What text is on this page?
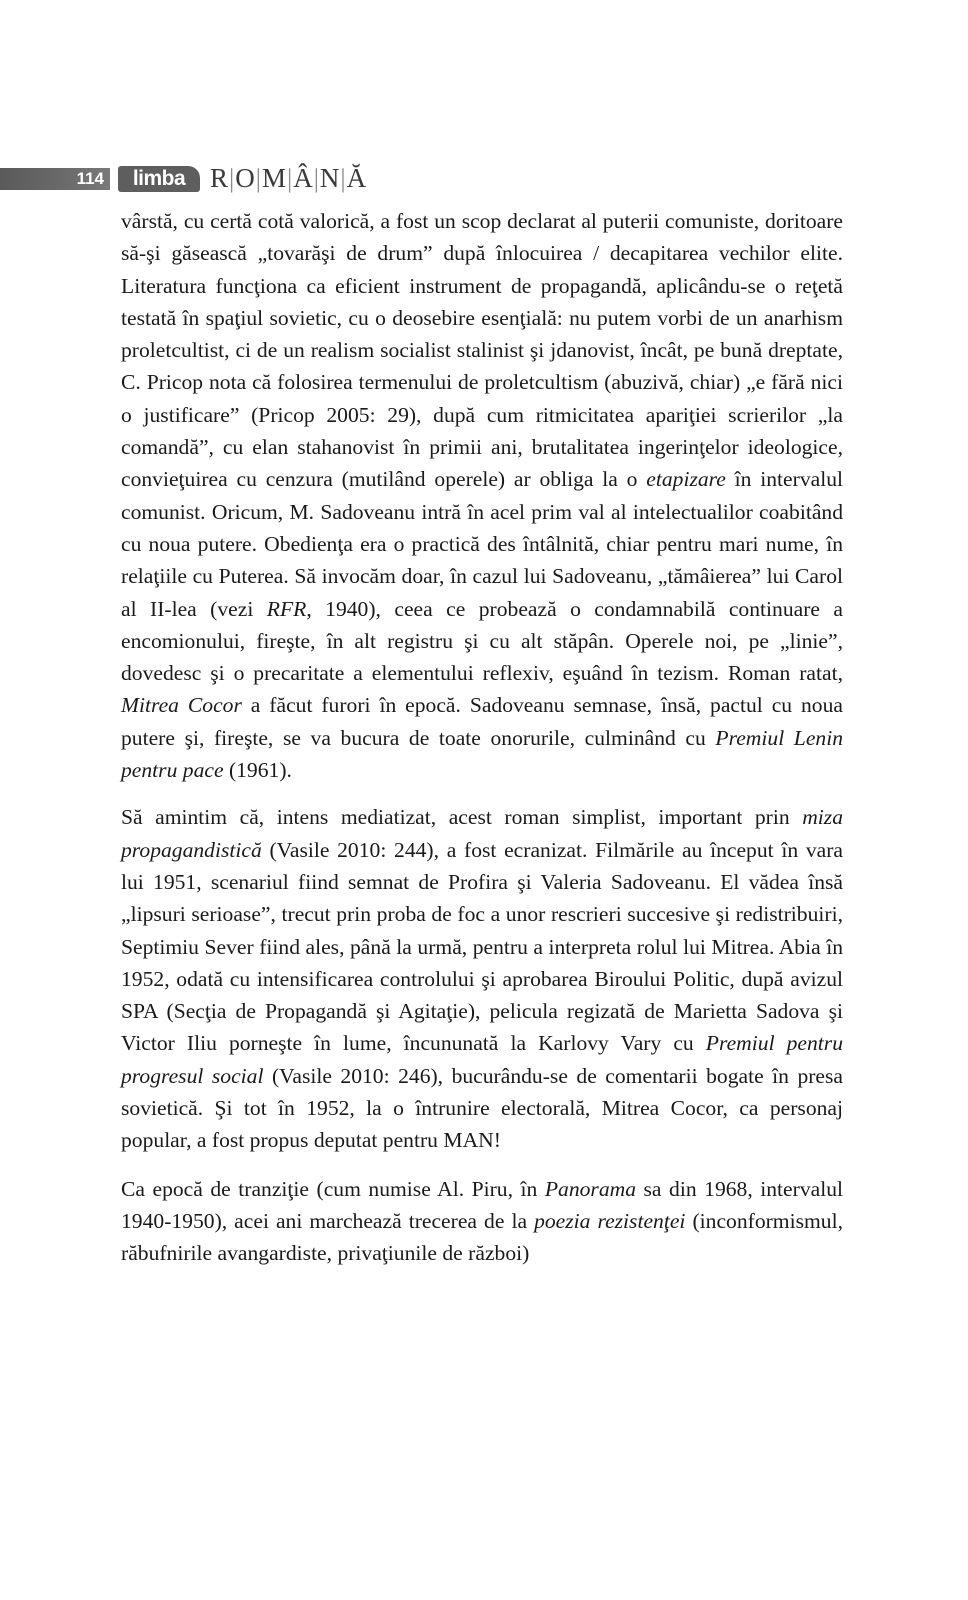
114	limba R|O|M|Â|N|Ă

vârstă, cu certă cotă valorică, a fost un scop declarat al puterii comuniste, doritoare să-şi găsească „tovarăşi de drum” după înlocuirea / decapitarea vechilor elite. Literatura funcţiona ca eficient instrument de propagandă, aplicându-se o reţetă testată în spaţiul sovietic, cu o deosebire esenţială: nu putem vorbi de un anarhism proletcultist, ci de un realism socialist stalinist şi jdanovist, încât, pe bună dreptate, C. Pricop nota că folosirea termenului de proletcultism (abuzivă, chiar) „e fără nici o justificare” (Pricop 2005: 29), după cum ritmicitatea apariţiei scrierilor „la comandă”, cu elan stahanovist în primii ani, brutalitatea ingerinţelor ideologice, convieţuirea cu cenzura (mutilând operele) ar obliga la o etapizare în intervalul comunist. Oricum, M. Sadoveanu intră în acel prim val al intelectualilor coabitând cu noua putere. Obedienţa era o practică des întâlnită, chiar pentru mari nume, în relaţiile cu Puterea. Să invocăm doar, în cazul lui Sadoveanu, „tămâierea” lui Carol al II-lea (vezi RFR, 1940), ceea ce probează o condamnabilă continuare a encomionului, fireşte, în alt registru şi cu alt stăpân. Operele noi, pe „linie”, dovedesc şi o precaritate a elementului reflexiv, eşuând în tezism. Roman ratat, Mitrea Cocor a făcut furori în epocă. Sadoveanu semnase, însă, pactul cu noua putere şi, fireşte, se va bucura de toate onorurile, culminând cu Premiul Lenin pentru pace (1961).

Să amintim că, intens mediatizat, acest roman simplist, important prin miza propagandistică (Vasile 2010: 244), a fost ecranizat. Filmările au început în vara lui 1951, scenariul fiind semnat de Profira şi Valeria Sadoveanu. El vădea însă „lipsuri serioase”, trecut prin proba de foc a unor rescrieri succesive şi redistribuiri, Septimiu Sever fiind ales, până la urmă, pentru a interpreta rolul lui Mitrea. Abia în 1952, odată cu intensificarea controlului şi aprobarea Biroului Politic, după avizul SPA (Secţia de Propagandă şi Agitaţie), pelicula regizată de Marietta Sadova şi Victor Iliu porneşte în lume, încununată la Karlovy Vary cu Premiul pentru progresul social (Vasile 2010: 246), bucurându-se de comentarii bogate în presa sovietică. Şi tot în 1952, la o întrunire electorală, Mitrea Cocor, ca personaj popular, a fost propus deputat pentru MAN!

Ca epocă de tranziţie (cum numise Al. Piru, în Panorama sa din 1968, intervalul 1940-1950), acei ani marchează trecerea de la poezia rezistenţei (inconformismul, răbufnirile avangardiste, privaţiunile de război)
